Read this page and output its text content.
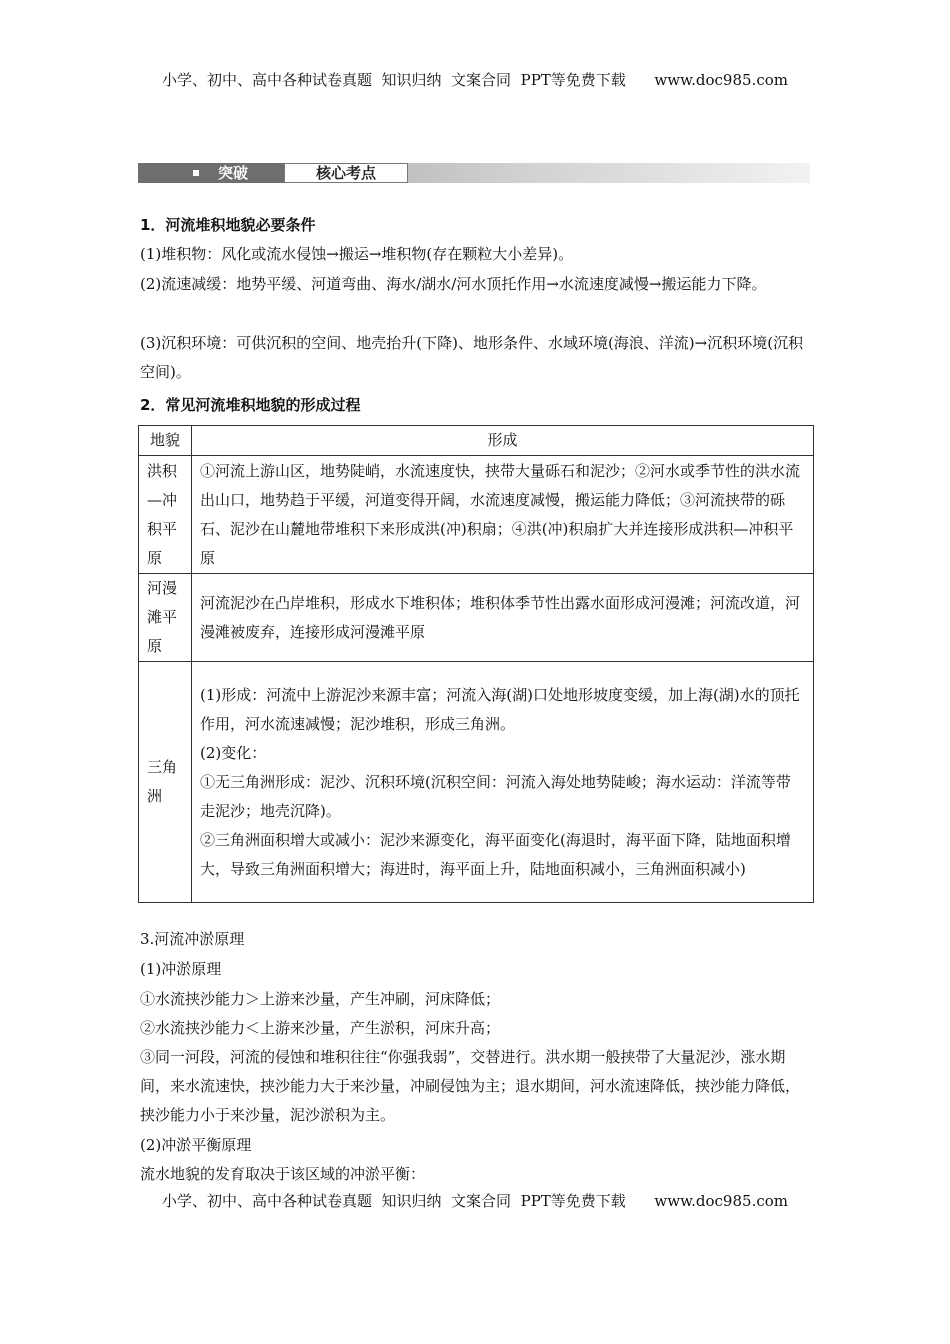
小学、初中、高中各种试卷真题  知识归纳  文案合同  PPT等免费下载      www.doc985.com
突破	核心考点
1．河流堆积地貌必要条件
(1)堆积物：风化或流水侵蚀→搬运→堆积物(存在颗粒大小差异)。
(2)流速减缓：地势平缓、河道弯曲、海水/湖水/河水顶托作用→水流速度减慢→搬运能力下降。
(3)沉积环境：可供沉积的空间、地壳抬升(下降)、地形条件、水域环境(海浪、洋流)→沉积环境(沉积空间)。
2．常见河流堆积地貌的形成过程
地貌	形成
洪积—冲积平原	①河流上游山区，地势陡峭，水流速度快，挟带大量砾石和泥沙；②河水或季节性的洪水流出山口，地势趋于平缓，河道变得开阔，水流速度减慢，搬运能力降低；③河流挟带的砾石、泥沙在山麓地带堆积下来形成洪(冲)积扇；④洪(冲)积扇扩大并连接形成洪积—冲积平原

河漫滩平原	河流泥沙在凸岸堆积，形成水下堆积体；堆积体季节性出露水面形成河漫滩；河流改道，河漫滩被废弃，连接形成河漫滩平原

三角洲	(1)形成：河流中上游泥沙来源丰富；河流入海(湖)口处地形坡度变缓，加上海(湖)水的顶托作用，河水流速减慢；泥沙堆积，形成三角洲。

(2)变化：

①无三角洲形成：泥沙、沉积环境(沉积空间：河流入海处地势陡峻；海水运动：洋流等带走泥沙；地壳沉降)。

②三角洲面积增大或减小：泥沙来源变化，海平面变化(海退时，海平面下降，陆地面积增大，导致三角洲面积增大；海进时，海平面上升，陆地面积减小，三角洲面积减小)

3.河流冲淤原理
(1)冲淤原理
①水流挟沙能力＞上游来沙量，产生冲刷，河床降低；
②水流挟沙能力＜上游来沙量，产生淤积，河床升高；
③同一河段，河流的侵蚀和堆积往往“你强我弱”，交替进行。洪水期一般挟带了大量泥沙，涨水期间，来水流速快，挟沙能力大于来沙量，冲刷侵蚀为主；退水期间，河水流速降低，挟沙能力降低，挟沙能力小于来沙量，泥沙淤积为主。
(2)冲淤平衡原理
流水地貌的发育取决于该区域的冲淤平衡：
小学、初中、高中各种试卷真题  知识归纳  文案合同  PPT等免费下载      www.doc985.com
